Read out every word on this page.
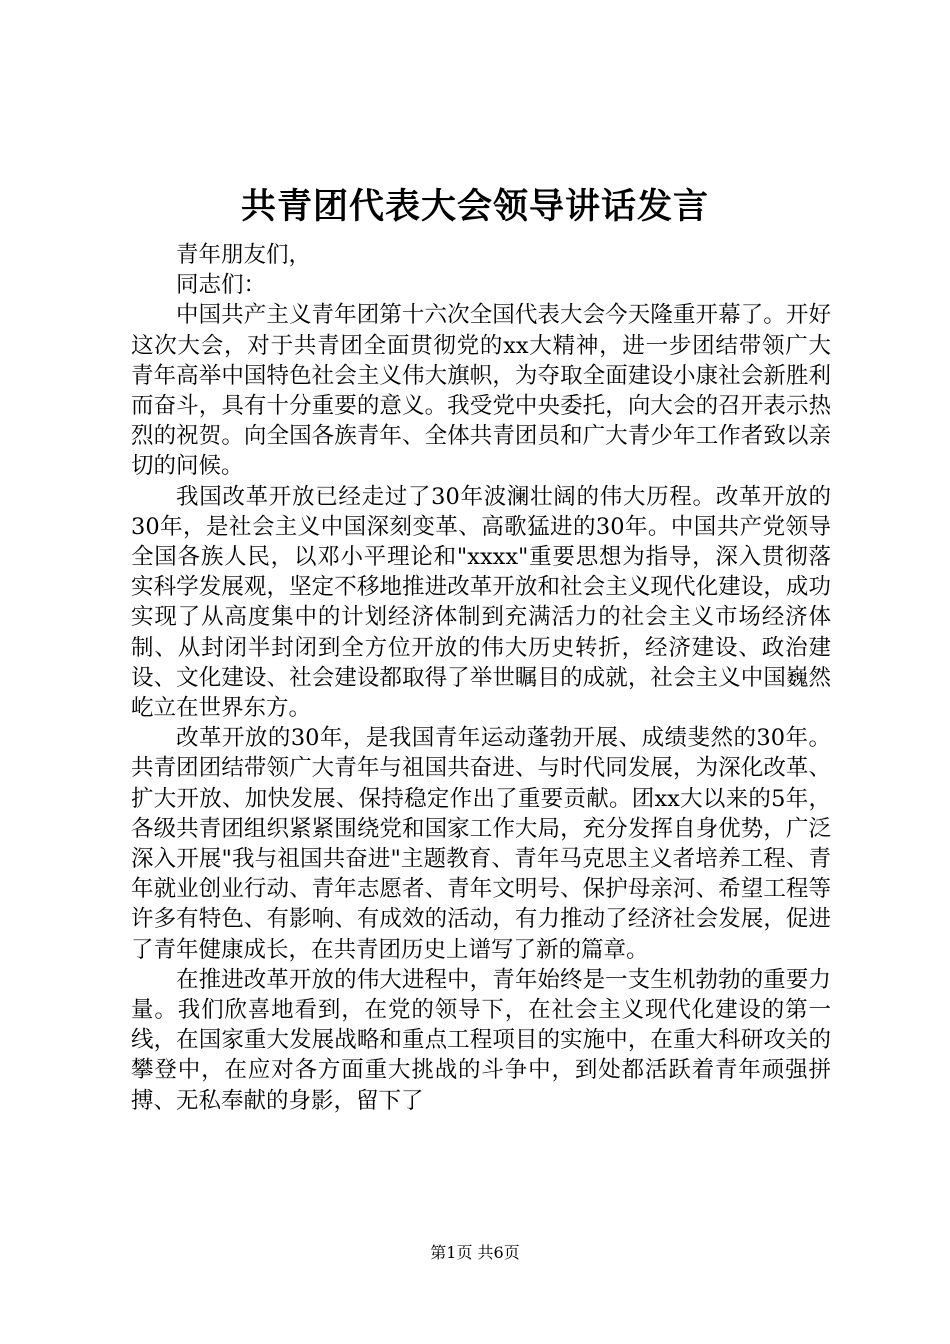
共青团代表大会领导讲话发言

青年朋友们，

同志们：

中国共产主义青年团第十六次全国代表大会今天隆重开幕了。开好这次大会，对于共青团全面贯彻党的xx大精神，进一步团结带领广大青年高举中国特色社会主义伟大旗帜，为夺取全面建设小康社会新胜利而奋斗，具有十分重要的意义。我受党中央委托，向大会的召开表示热烈的祝贺。向全国各族青年、全体共青团员和广大青少年工作者致以亲切的问候。

我国改革开放已经走过了30年波澜壮阔的伟大历程。改革开放的30年，是社会主义中国深刻变革、高歌猛进的30年。中国共产党领导全国各族人民，以邓小平理论和"xxxx"重要思想为指导，深入贯彻落实科学发展观，坚定不移地推进改革开放和社会主义现代化建设，成功实现了从高度集中的计划经济体制到充满活力的社会主义市场经济体制、从封闭半封闭到全方位开放的伟大历史转折，经济建设、政治建设、文化建设、社会建设都取得了举世瞩目的成就，社会主义中国巍然屹立在世界东方。

改革开放的30年，是我国青年运动蓬勃开展、成绩斐然的30年。共青团团结带领广大青年与祖国共奋进、与时代同发展，为深化改革、扩大开放、加快发展、保持稳定作出了重要贡献。团xx大以来的5年，各级共青团组织紧紧围绕党和国家工作大局，充分发挥自身优势，广泛深入开展"我与祖国共奋进"主题教育、青年马克思主义者培养工程、青年就业创业行动、青年志愿者、青年文明号、保护母亲河、希望工程等许多有特色、有影响、有成效的活动，有力推动了经济社会发展，促进了青年健康成长，在共青团历史上谱写了新的篇章。

在推进改革开放的伟大进程中，青年始终是一支生机勃勃的重要力量。我们欣喜地看到，在党的领导下，在社会主义现代化建设的第一线，在国家重大发展战略和重点工程项目的实施中，在重大科研攻关的攀登中，在应对各方面重大挑战的斗争中，到处都活跃着青年顽强拼搏、无私奉献的身影，留下了

第1页 共6页
